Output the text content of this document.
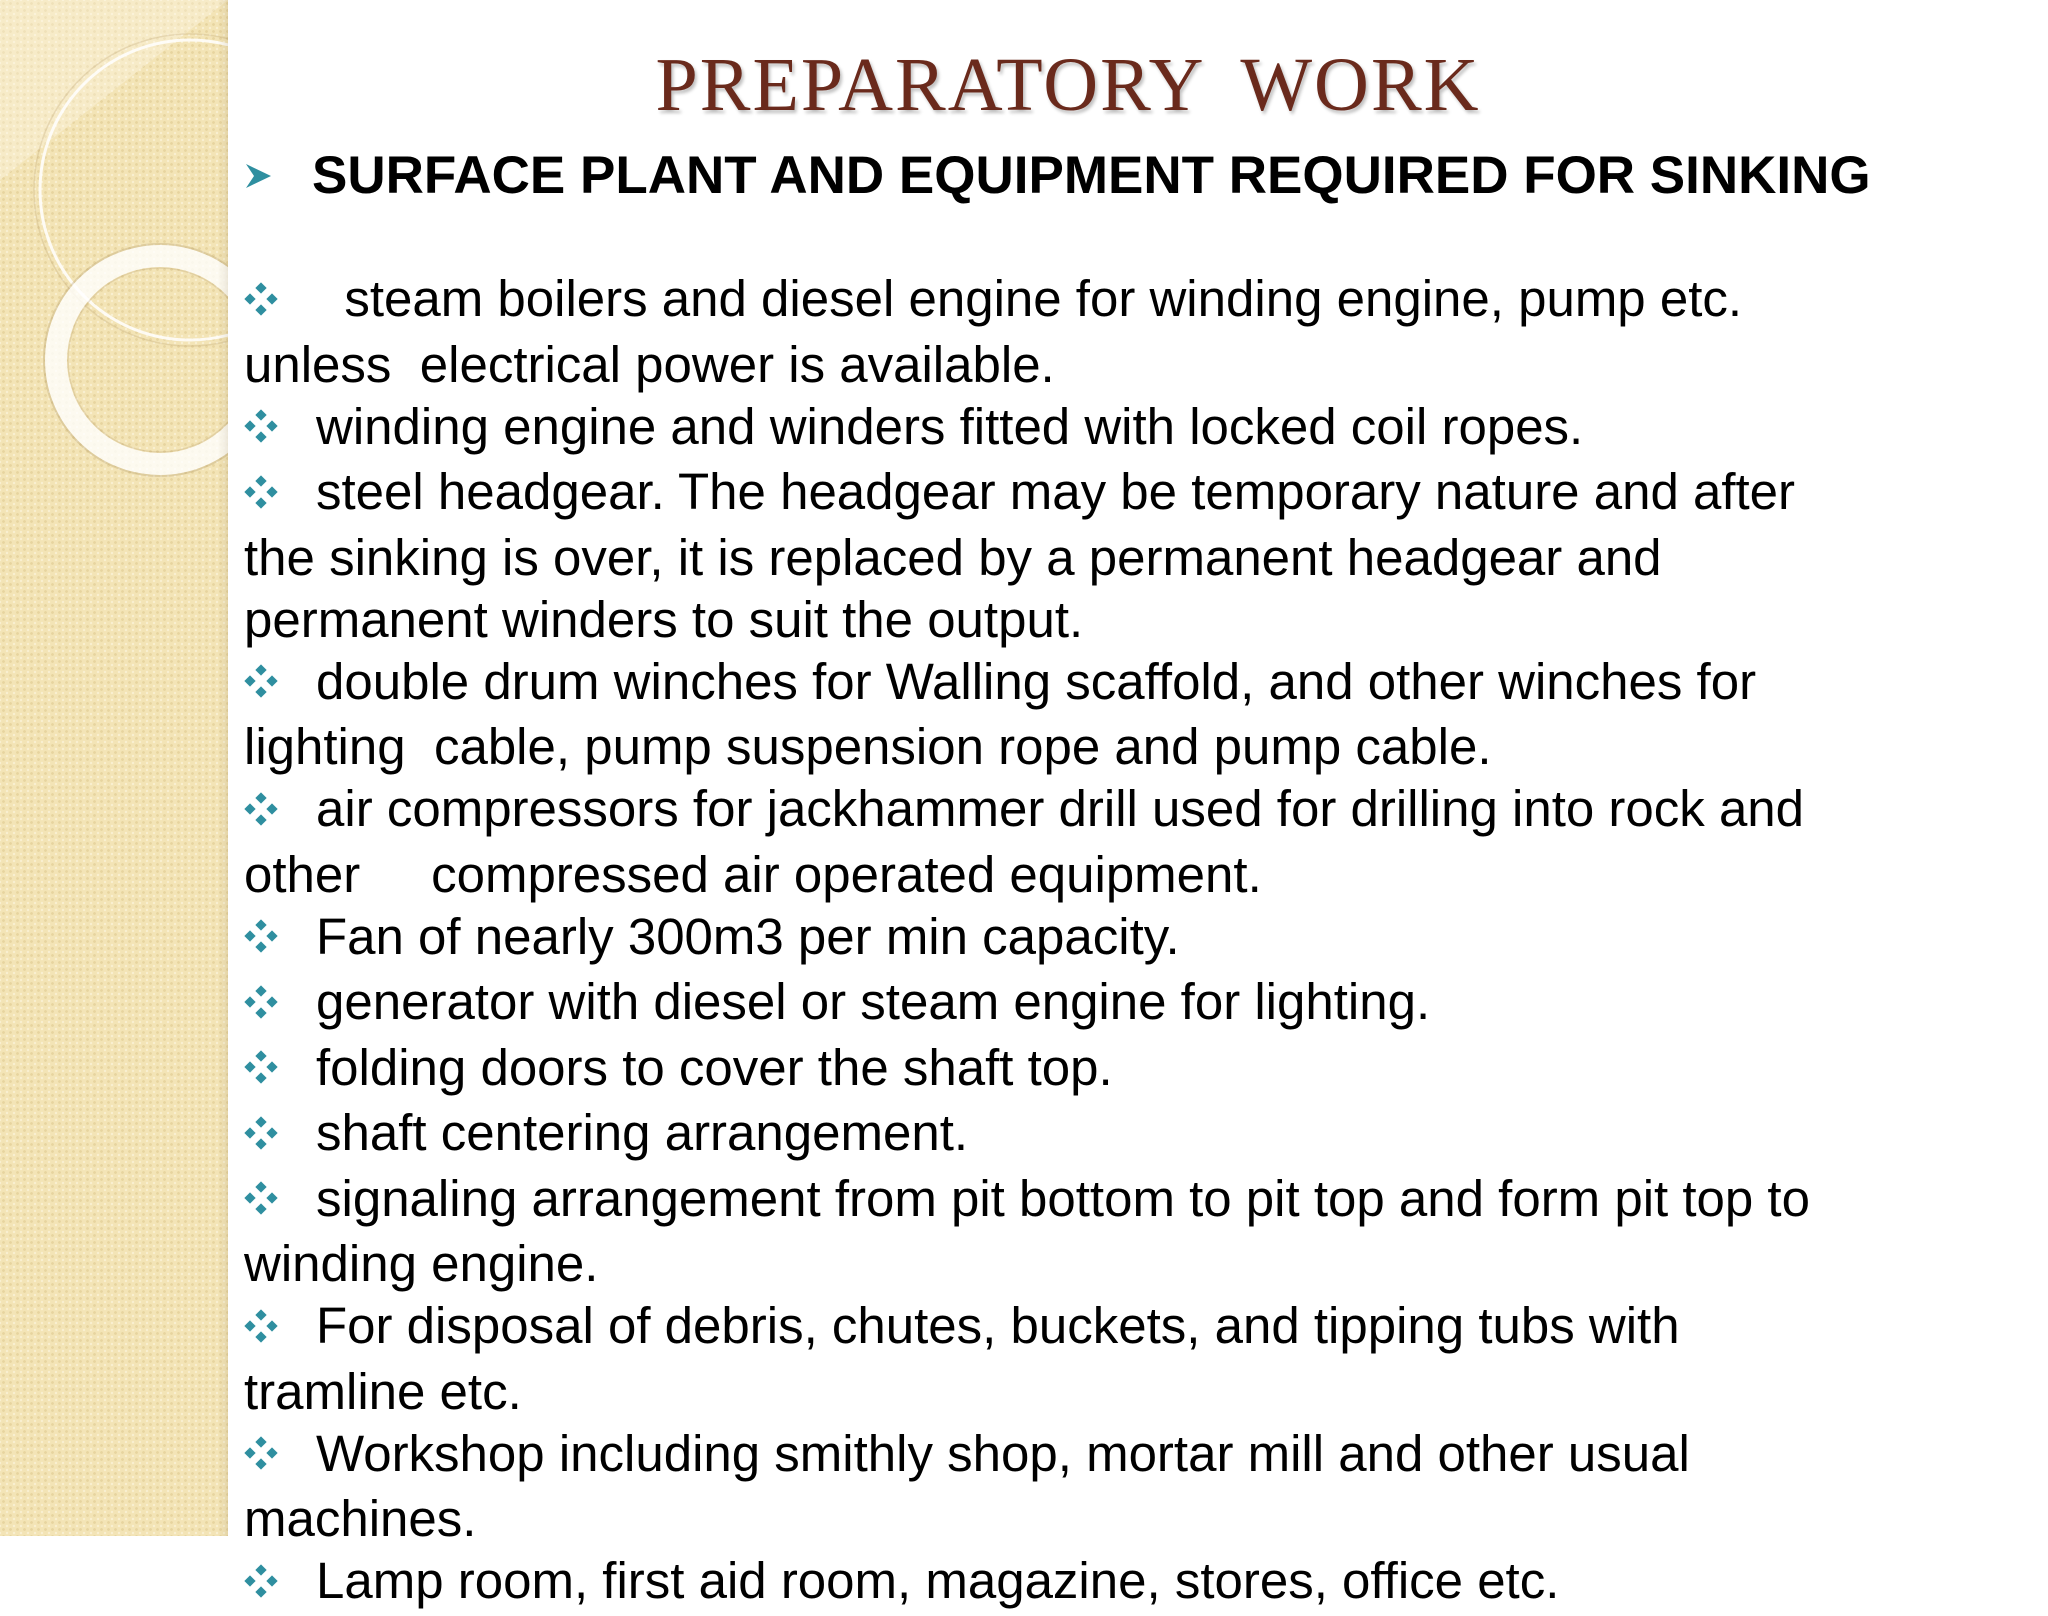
PREPARATORY WORK
SURFACE PLANT AND EQUIPMENT REQUIRED FOR SINKING
steam boilers and diesel engine for winding engine, pump etc.
unless  electrical power is available.
winding engine and winders fitted with locked coil ropes.
steel headgear. The headgear may be temporary nature and after
the sinking is over, it is replaced by a permanent headgear and
permanent winders to suit the output.
double drum winches for Walling scaffold, and other winches for
lighting  cable, pump suspension rope and pump cable.
air compressors for jackhammer drill used for drilling into rock and
other     compressed air operated equipment.
Fan of nearly 300m3 per min capacity.
generator with diesel or steam engine for lighting.
folding doors to cover the shaft top.
shaft centering arrangement.
signaling arrangement from pit bottom to pit top and form pit top to
winding engine.
For disposal of debris, chutes, buckets, and tipping tubs with
tramline etc.
Workshop including smithly shop, mortar mill and other usual
machines.
Lamp room, first aid room, magazine, stores, office etc.
